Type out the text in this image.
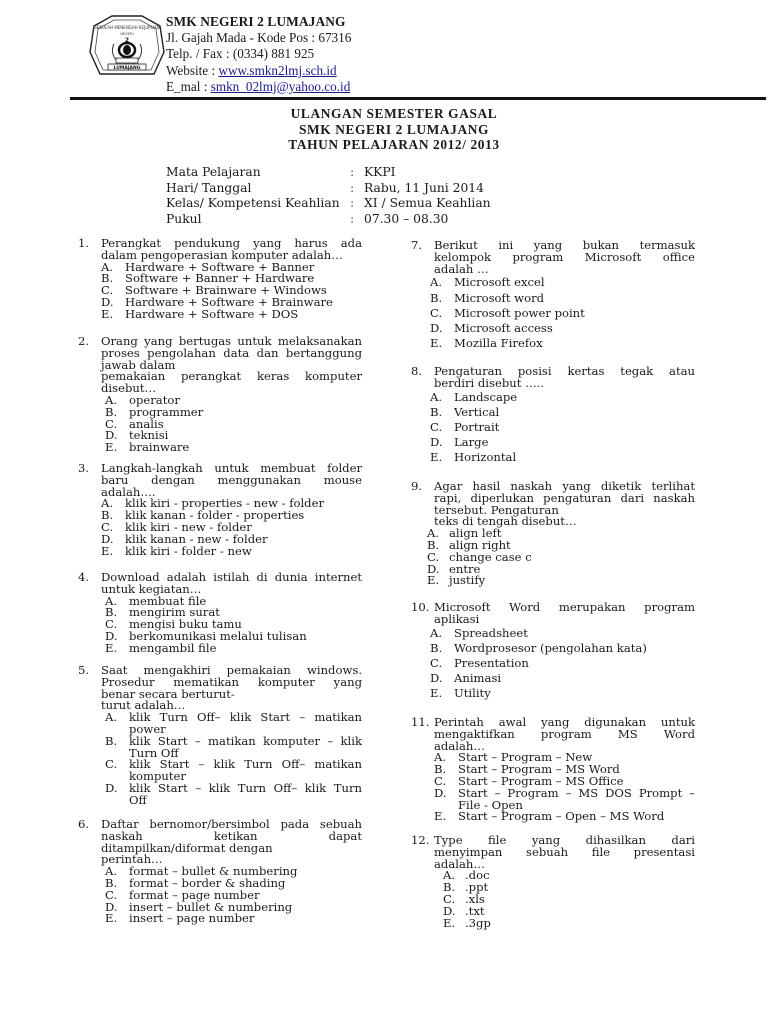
SEKOLAH MENENGAH KEJURUAN
NEGERI
2
LUMAJANG
SMK NEGERI 2 LUMAJANG
Jl. Gajah Mada - Kode Pos : 67316
Telp. / Fax : (0334) 881 925
Website : www.smkn2lmj.sch.id
E_mal : smkn_02lmj@yahoo.co.id
ULANGAN SEMESTER GASAL
SMK NEGERI 2 LUMAJANG
TAHUN PELAJARAN 2012/ 2013
Mata Pelajaran	: KKPI
Hari/ Tanggal	: Rabu, 11 Juni 2014
Kelas/ Kompetensi Keahlian : XI / Semua Keahlian
Pukul	: 07.30 – 08.30
1. Perangkat pendukung yang harus ada
dalam pengoperasian komputer adalah…
A.	Hardware + Software + Banner
B.	Software + Banner + Hardware
C.	Software + Brainware + Windows
D. Hardware + Software + Brainware
E.	Hardware + Software + DOS
2. Orang yang bertugas untuk melaksanakan
proses pengolahan data dan bertanggung
jawab dalam
pemakaian perangkat keras komputer
disebut…
A.	operator
B.	programmer
C.	analis
D. teknisi
E.	brainware
3. Langkah-langkah untuk membuat folder
baru dengan menggunakan mouse
adalah….
A.	klik kiri - properties - new - folder
B.	klik kanan - folder - properties
C.	klik kiri - new - folder
D. klik kanan - new - folder
E.	klik kiri - folder - new
4. Download adalah istilah di dunia internet
untuk kegiatan…
A.	membuat file
B.	mengirim surat
C.	mengisi buku tamu
D. berkomunikasi melalui tulisan
E.	mengambil file
5. Saat mengakhiri pemakaian windows.
Prosedur mematikan komputer yang
benar secara berturut-
turut adalah…
A.	klik Turn Off– klik Start – matikan
power
B.	klik Start – matikan komputer – klik
Turn Off
C.	klik Start – klik Turn Off– matikan
komputer
D. klik Start – klik Turn Off– klik Turn
Off
6. Daftar bernomor/bersimbol pada sebuah
naskah ketikan dapat
ditampilkan/diformat dengan
perintah…
A.	format – bullet & numbering
B.	format – border & shading
C.	format – page number
D. insert – bullet & numbering
E.	insert – page number
7. Berikut ini yang bukan termasuk
kelompok program Microsoft office
adalah …
A.	Microsoft excel
B.	Microsoft word
C.	Microsoft power point
D. Microsoft access
E.	Mozilla Firefox
8. Pengaturan posisi kertas tegak atau
berdiri disebut …..
A.	Landscape
B.	Vertical
C.	Portrait
D. Large
E.	Horizontal
9. Agar hasil naskah yang diketik terlihat
rapi, diperlukan pengaturan dari naskah
tersebut. Pengaturan
teks di tengah disebut…
A. align left
B. align right
C. change case c
D. entre
E. justify
10. Microsoft Word merupakan program
aplikasi
A.	Spreadsheet
B.	Wordprosesor (pengolahan kata)
C.	Presentation
D. Animasi
E.	Utility
11. Perintah awal yang digunakan untuk
mengaktifkan program MS Word
adalah…
A.	Start – Program – New
B.	Start – Program – MS Word
C.	Start – Program – MS Office
D. Start – Program – MS DOS Prompt –
File - Open
E.	Start – Program – Open – MS Word
12. Type file yang dihasilkan dari
menyimpan sebuah file presentasi
adalah…
A. .doc
B. .ppt
C. .xls
D. .txt
E. .3gp
